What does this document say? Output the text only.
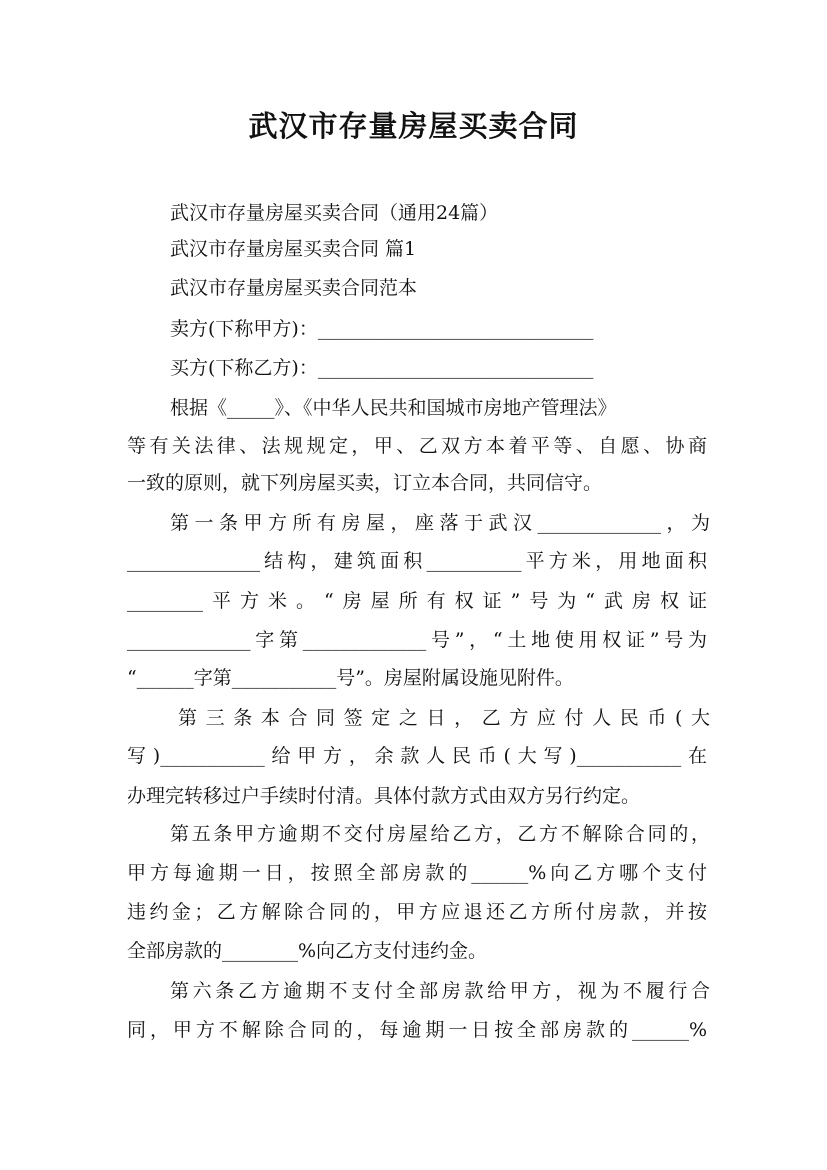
武汉市存量房屋买卖合同

武汉市存量房屋买卖合同（通用24篇）

武汉市存量房屋买卖合同 篇1

武汉市存量房屋买卖合同范本

卖方(下称甲方)：_____________________________

买方(下称乙方)：_____________________________

根据《_____》、《中华人民共和国城市房地产管理法》

等有关法律、法规规定，甲、乙双方本着平等、自愿、协商

一致的原则，就下列房屋买卖，订立本合同，共同信守。

第一条甲方所有房屋，座落于武汉_____________，为

______________结构，建筑面积__________平方米，用地面积

________平方米。“房屋所有权证”号为“武房权证

_____________字第_____________号”，“土地使用权证”号为

“______字第___________号”。房屋附属设施见附件。

第三条本合同签定之日，乙方应付人民币(大

写)___________给甲方，余款人民币(大写)___________在

办理完转移过户手续时付清。具体付款方式由双方另行约定。

第五条甲方逾期不交付房屋给乙方，乙方不解除合同的，

甲方每逾期一日，按照全部房款的______%向乙方哪个支付

违约金；乙方解除合同的，甲方应退还乙方所付房款，并按

全部房款的________%向乙方支付违约金。

第六条乙方逾期不支付全部房款给甲方，视为不履行合

同，甲方不解除合同的，每逾期一日按全部房款的______%
